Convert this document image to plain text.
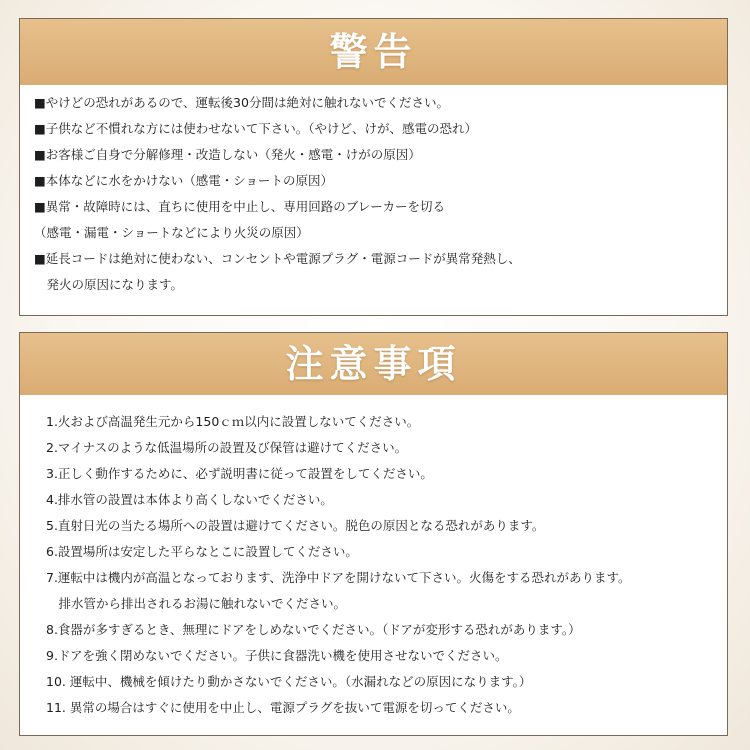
警告
■やけどの恐れがあるので、運転後30分間は絶対に触れないでください。
■子供など不慣れな方には使わせないて下さい。（やけど、けが、感電の恐れ）
■お客様ご自身で分解修理・改造しない（発火・感電・けがの原因）
■本体などに水をかけない（感電・ショートの原因）
■異常・故障時には、直ちに使用を中止し、専用回路のブレーカーを切る
（感電・漏電・ショートなどにより火災の原因）
■延長コードは絶対に使わない、コンセントや電源プラグ・電源コードが異常発熱し、
　発火の原因になります。
注意事項
1.火および高温発生元から150ｃｍ以内に設置しないてください。
2.マイナスのような低温場所の設置及び保管は避けてください。
3.正しく動作するために、必ず説明書に従って設置をしてください。
4.排水管の設置は本体より高くしないでください。
5.直射日光の当たる場所への設置は避けてください。脱色の原因となる恐れがあります。
6.設置場所は安定した平らなとこに設置してください。
7.運転中は機内が高温となっております、洗浄中ドアを開けないて下さい。火傷をする恐れがあります。
　排水管から排出されるお湯に触れないでください。
8.食器が多すぎるとき、無理にドアをしめないでください。（ドアが変形する恐れがあります。）
9.ドアを強く閉めないでください。子供に食器洗い機を使用させないでください。
10. 運転中、機械を傾けたり動かさないでください。（水漏れなどの原因になります。）
11. 異常の場合はすぐに使用を中止し、電源プラグを抜いて電源を切ってください。
